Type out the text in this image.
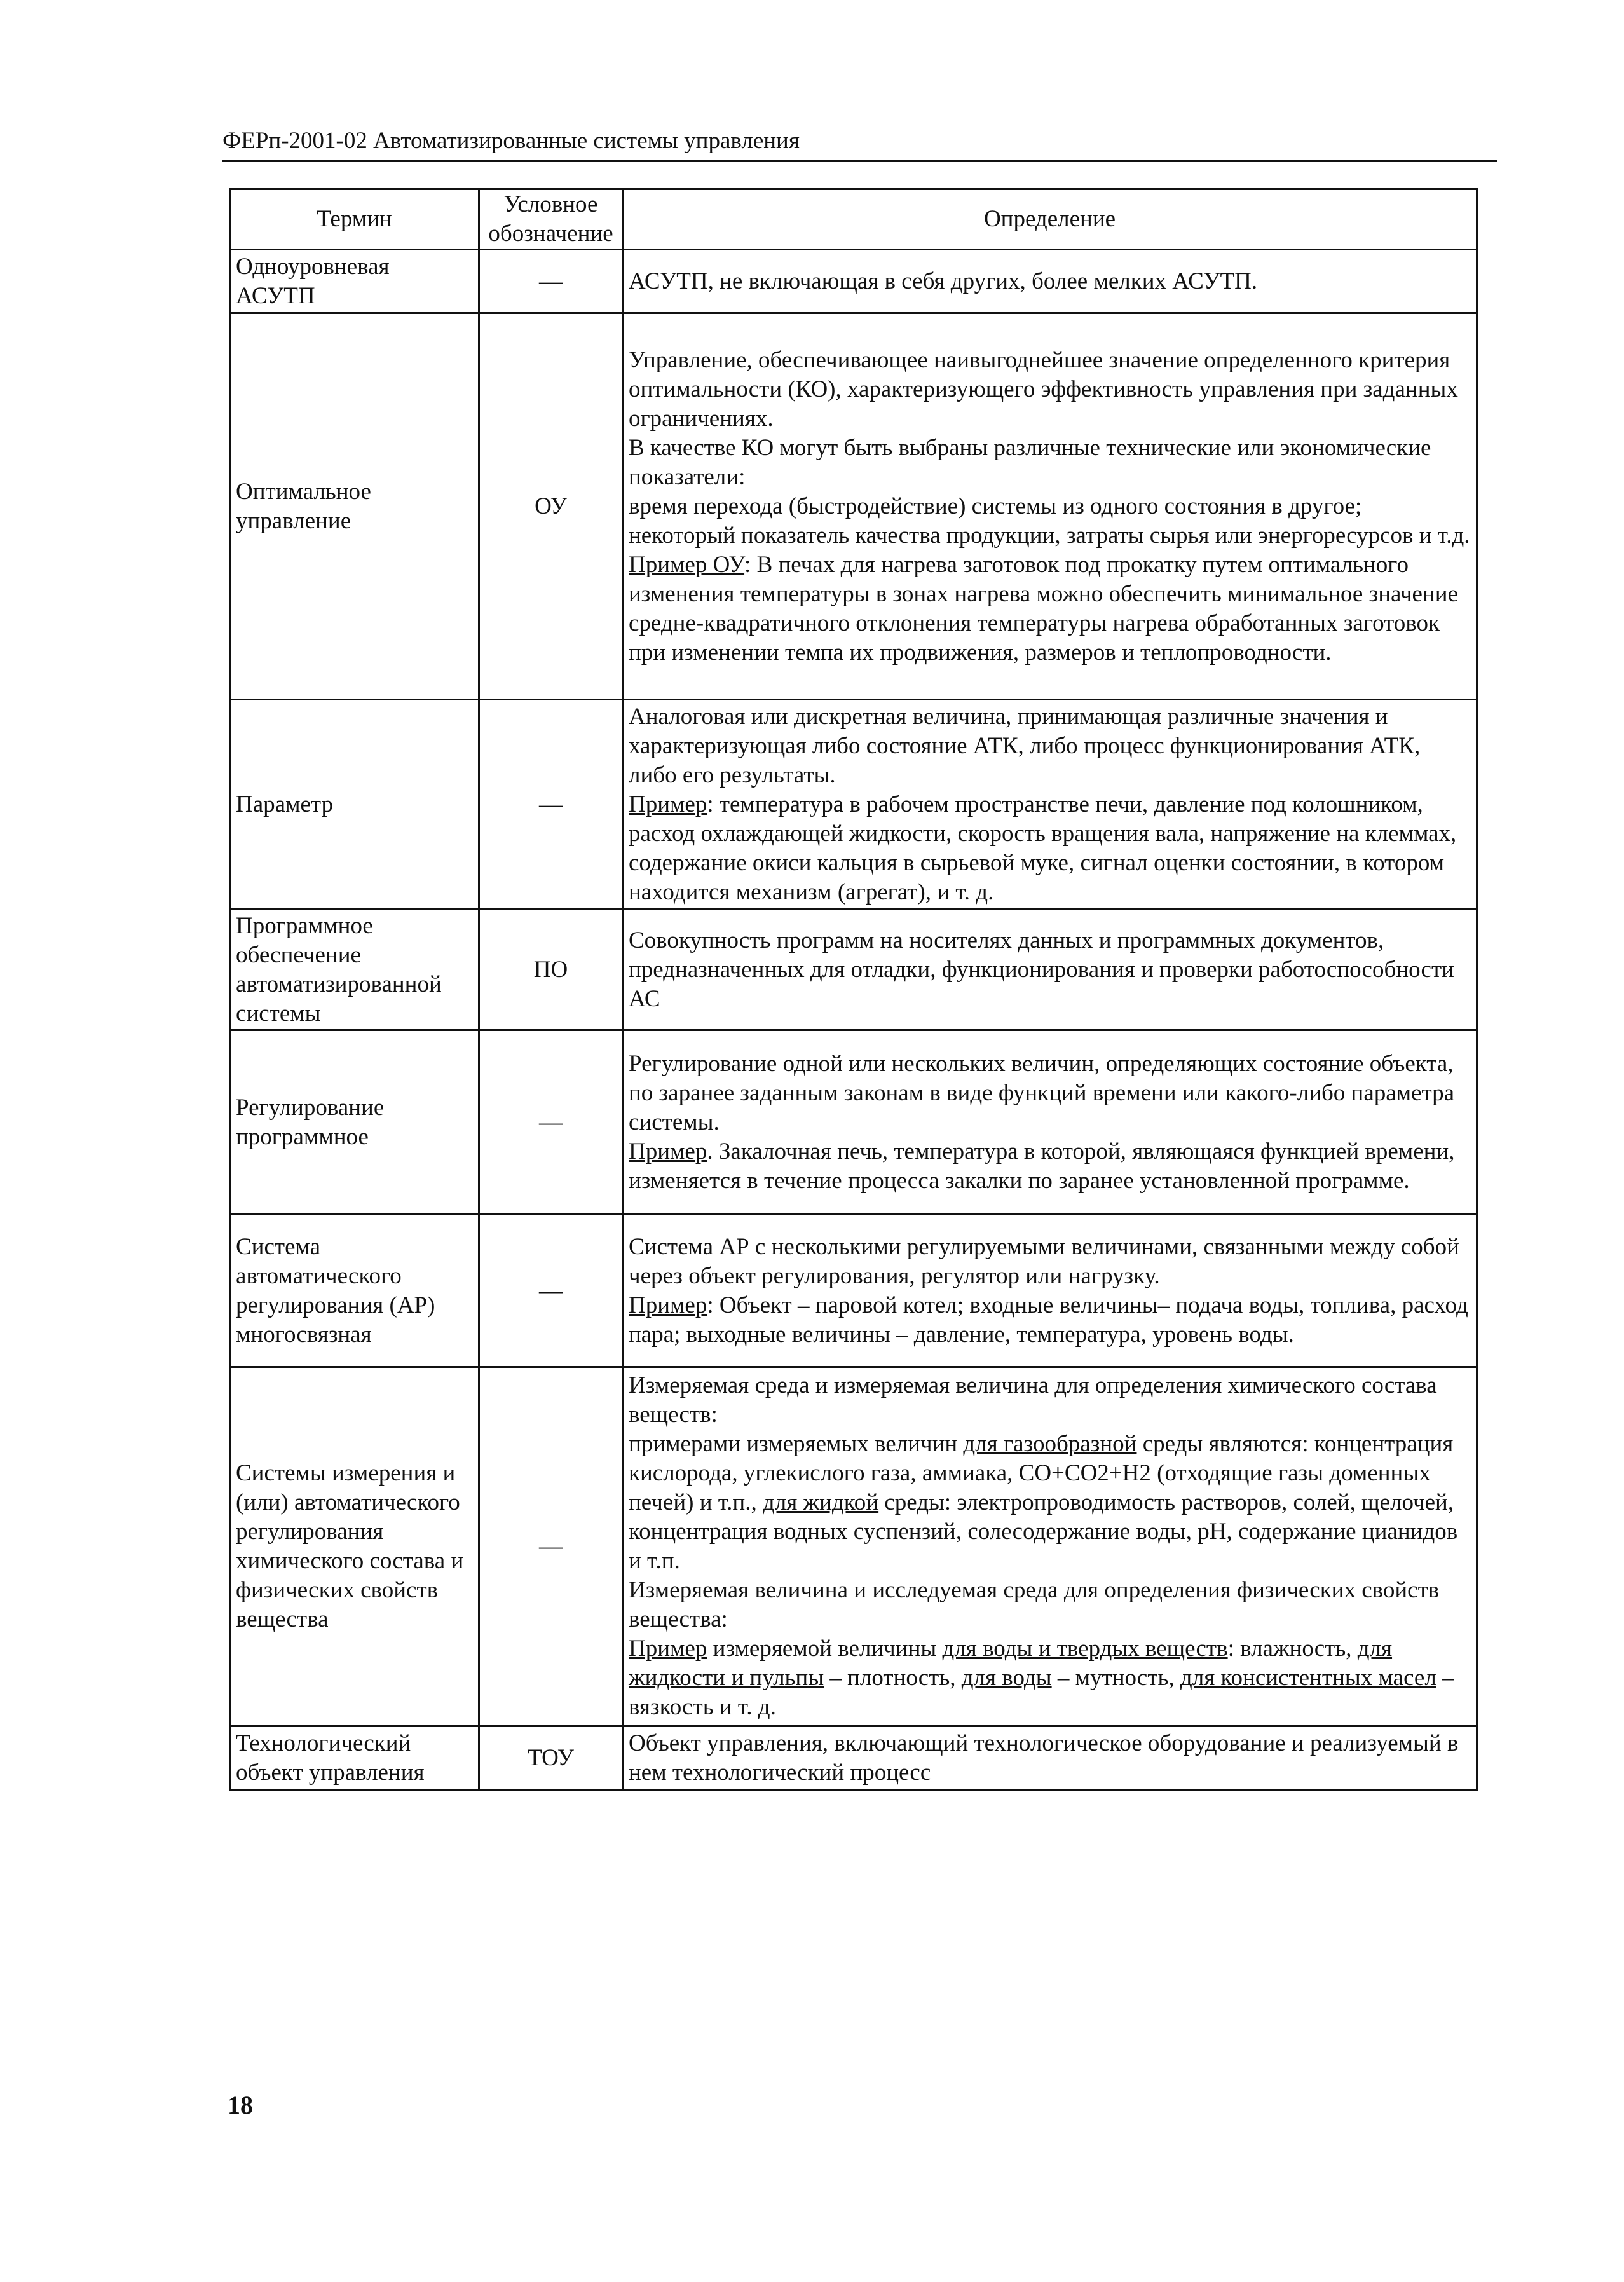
ФЕРп-2001-02 Автоматизированные системы управления
Термин	Условное обозначение	Определение
Одноуровневая АСУТП	—	АСУТП, не включающая в себя других, более мелких АСУТП.

Оптимальное управление	ОУ	Управление, обеспечивающее наивыгоднейшее значение определенного критерия оптимальности (КО), характеризующего эффективность управления при заданных ограничениях.
В качестве КО могут быть выбраны различные технические или экономические показатели:
время перехода (быстродействие) системы из одного состояния в другое; некоторый показатель качества продукции, затраты сырья или энергоресурсов и т.д.
Пример ОУ: В печах для нагрева заготовок под прокатку путем оптимального изменения температуры в зонах нагрева можно обеспечить минимальное значение средне-квадратичного отклонения температуры нагрева обработанных заготовок при изменении темпа их продвижения, размеров и теплопроводности.

Параметр	—	Аналоговая или дискретная величина, принимающая различные значения и характеризующая либо состояние АТК, либо процесс функционирования АТК, либо его результаты.
Пример: температура в рабочем пространстве печи, давление под колошником, расход охлаждающей жидкости, скорость вращения вала, напряжение на клеммах, содержание окиси кальция в сырьевой муке, сигнал оценки состоянии, в котором находится механизм (агрегат), и т. д.

Программное обеспечение автоматизированной системы	ПО	Совокупность программ на носителях данных и программных документов, предназначенных для отладки, функционирования и проверки работоспособности АС

Регулирование программное	—	Регулирование одной или нескольких величин, определяющих состояние объекта, по заранее заданным законам в виде функций времени или какого-либо параметра системы.
Пример. Закалочная печь, температура в которой, являющаяся функцией времени, изменяется в течение процесса закалки по заранее установленной программе.

Система автоматического регулирования (АР) многосвязная	—	Система АР с несколькими регулируемыми величинами, связанными между собой через объект регулирования, регулятор или нагрузку.
Пример: Объект – паровой котел; входные величины– подача воды, топлива, расход пара; выходные величины – давление, температура, уровень воды.

Системы измерения и (или) автоматического регулирования химического состава и физических свойств вещества	—	Измеряемая среда и измеряемая величина для определения химического состава веществ:
примерами измеряемых величин для газообразной среды являются: концентрация кислорода, углекислого газа, аммиака, СО+СО2+Н2 (отходящие газы доменных печей) и т.п., для жидкой среды: электропроводимость растворов, солей, щелочей, концентрация водных суспензий, солесодержание воды, pH, содержание цианидов и т.п.
Измеряемая величина и исследуемая среда для определения физических свойств вещества:
Пример измеряемой величины для воды и твердых веществ: влажность, для жидкости и пульпы – плотность, для воды – мутность, для консистентных масел – вязкость и т. д.

Технологический объект управления	ТОУ	Объект управления, включающий технологическое оборудование и реализуемый в нем технологический процесс
18
